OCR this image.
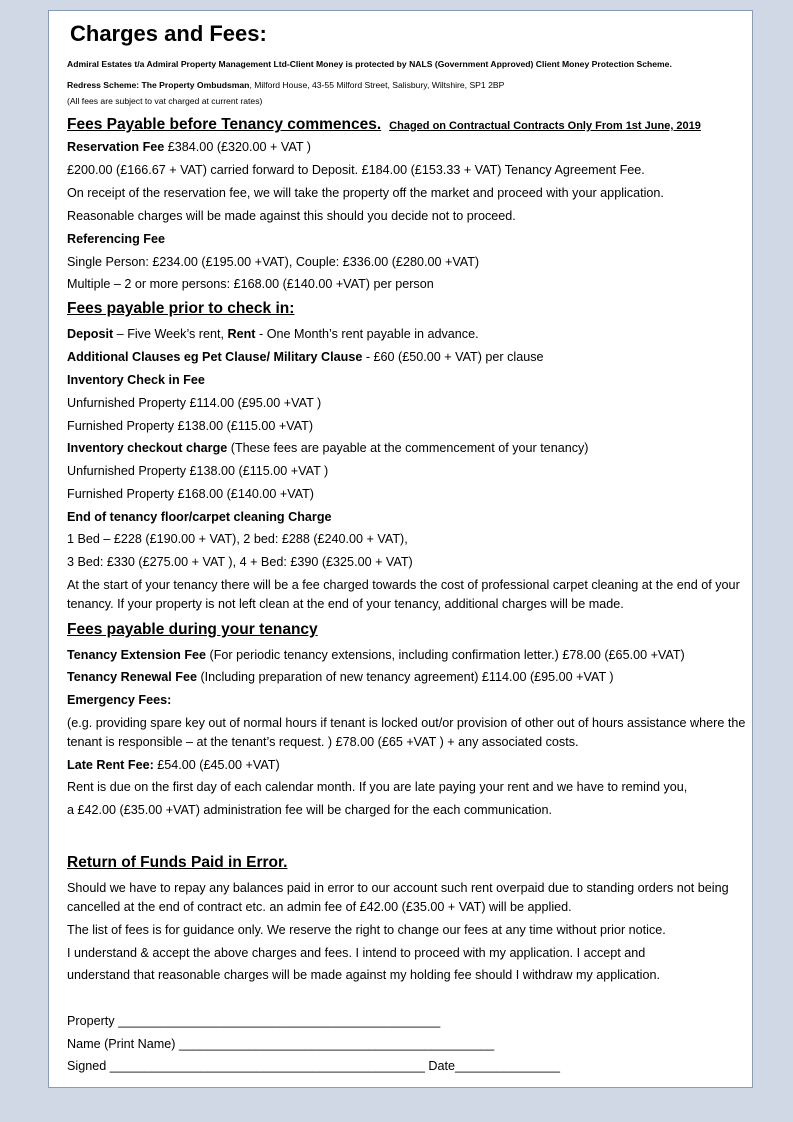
Charges and Fees:
Admiral Estates t/a Admiral Property Management Ltd-Client Money is protected by NALS (Government Approved) Client Money Protection Scheme.
Redress Scheme: The Property Ombudsman, Milford House, 43-55 Milford Street, Salisbury, Wiltshire, SP1 2BP
(All fees are subject to vat charged at current rates)
Fees Payable before Tenancy commences. Chaged on Contractual Contracts Only From 1st June, 2019
Reservation Fee £384.00 (£320.00 + VAT )
£200.00 (£166.67 + VAT) carried forward to Deposit. £184.00 (£153.33 + VAT) Tenancy Agreement Fee.
On receipt of the reservation fee, we will take the property off the market and proceed with your application.
Reasonable charges will be made against this should you decide not to proceed.
Referencing Fee
Single Person: £234.00 (£195.00 +VAT), Couple: £336.00 (£280.00 +VAT)
Multiple – 2 or more persons: £168.00 (£140.00 +VAT) per person
Fees payable prior to check in:
Deposit – Five Week’s rent, Rent - One Month’s rent payable in advance.
Additional Clauses eg Pet Clause/ Military Clause - £60 (£50.00 + VAT) per clause
Inventory Check in Fee
Unfurnished Property £114.00 (£95.00 +VAT )
Furnished Property £138.00 (£115.00 +VAT)
Inventory checkout charge (These fees are payable at the commencement of your tenancy)
Unfurnished Property £138.00 (£115.00 +VAT )
Furnished Property £168.00 (£140.00 +VAT)
End of tenancy floor/carpet cleaning Charge
1 Bed – £228 (£190.00 + VAT), 2 bed: £288 (£240.00 + VAT),
3 Bed: £330 (£275.00 + VAT ), 4 + Bed: £390 (£325.00 + VAT)
At the start of your tenancy there will be a fee charged towards the cost of professional carpet cleaning at the end of your tenancy. If your property is not left clean at the end of your tenancy, additional charges will be made.
Fees payable during your tenancy
Tenancy Extension Fee (For periodic tenancy extensions, including confirmation letter.) £78.00 (£65.00 +VAT)
Tenancy Renewal Fee (Including preparation of new tenancy agreement) £114.00 (£95.00 +VAT )
Emergency Fees:
(e.g. providing spare key out of normal hours if tenant is locked out/or provision of other out of hours assistance where the tenant is responsible – at the tenant’s request. ) £78.00 (£65 +VAT ) + any associated costs.
Late Rent Fee: £54.00 (£45.00 +VAT)
Rent is due on the first day of each calendar month. If you are late paying your rent and we have to remind you,
a £42.00 (£35.00 +VAT) administration fee will be charged for the each communication.
Return of Funds Paid in Error.
Should we have to repay any balances paid in error to our account such rent overpaid due to standing orders not being cancelled at the end of contract etc. an admin fee of £42.00 (£35.00 + VAT) will be applied.
The list of fees is for guidance only. We reserve the right to change our fees at any time without prior notice.
I understand & accept the above charges and fees. I intend to proceed with my application. I accept and
understand that reasonable charges will be made against my holding fee should I withdraw my application.
Property ______________________________________________
Name (Print Name) _____________________________________________
Signed _____________________________________________ Date_______________
